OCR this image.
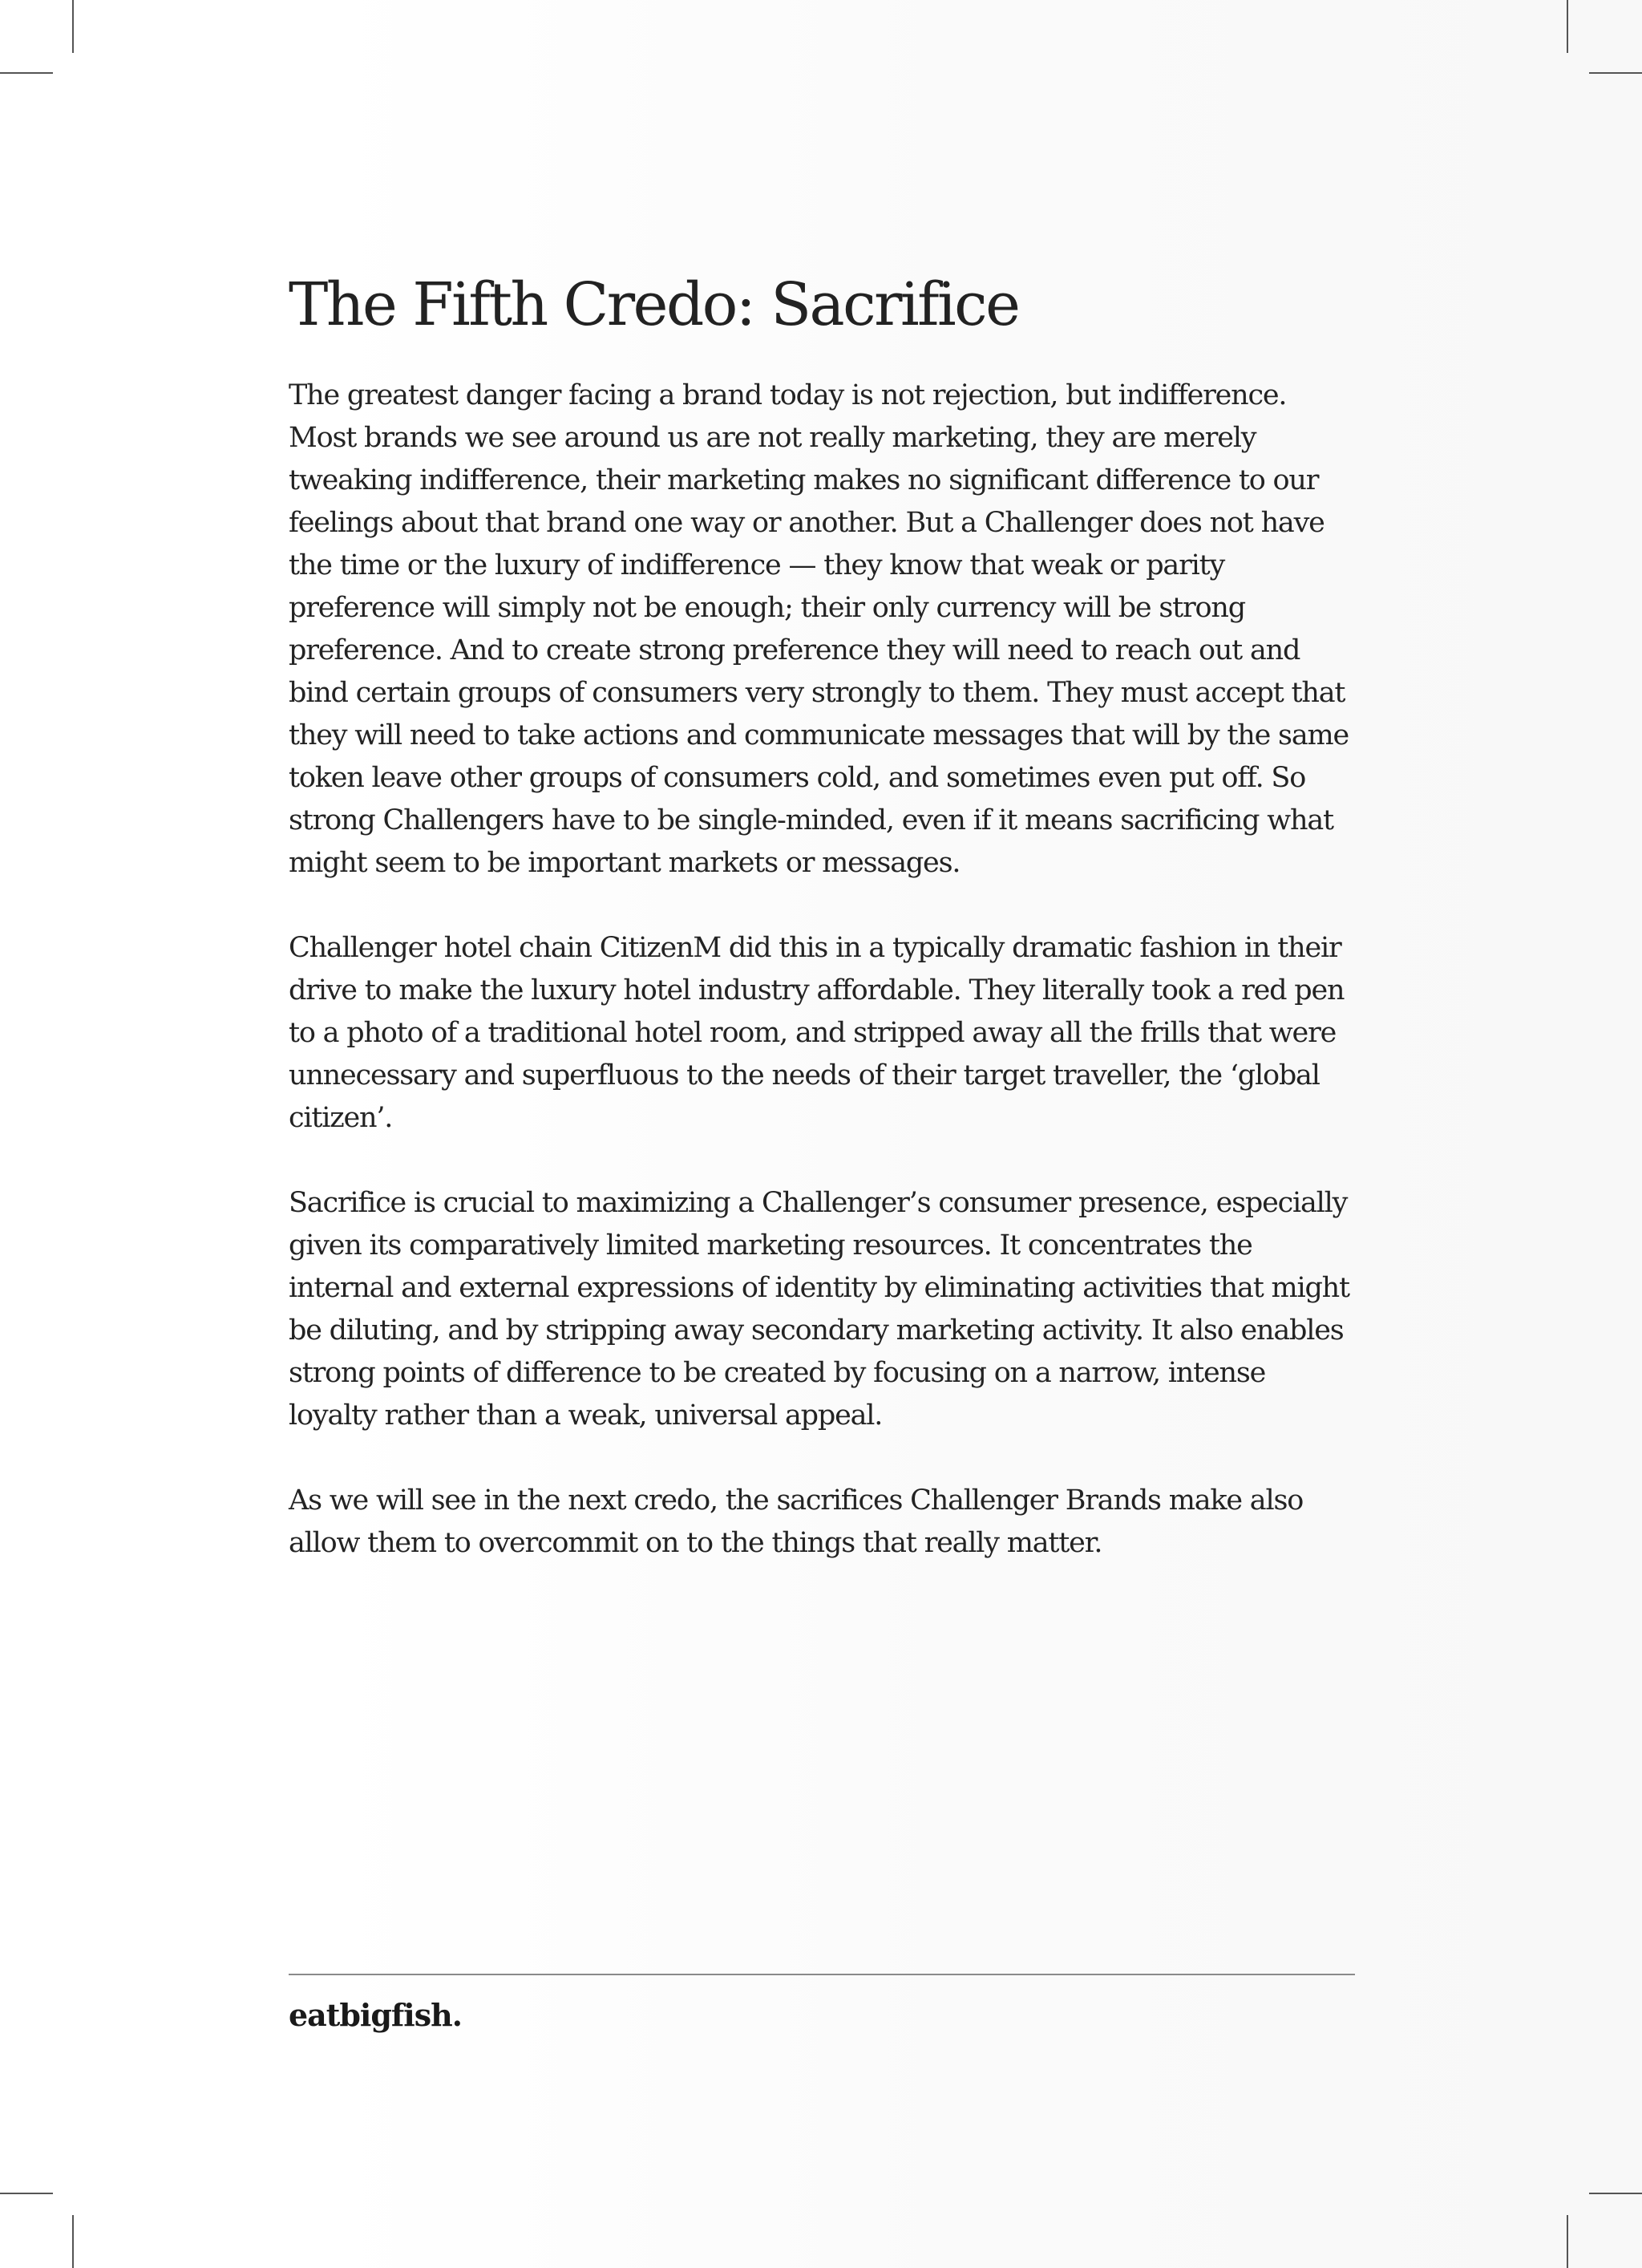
The Fifth Credo: Sacrifice

The greatest danger facing a brand today is not rejection, but indifference. Most brands we see around us are not really marketing, they are merely tweaking indifference, their marketing makes no significant difference to our feelings about that brand one way or another. But a Challenger does not have the time or the luxury of indifference — they know that weak or parity preference will simply not be enough; their only currency will be strong preference. And to create strong preference they will need to reach out and bind certain groups of consumers very strongly to them. They must accept that they will need to take actions and communicate messages that will by the same token leave other groups of consumers cold, and sometimes even put off. So strong Challengers have to be single-minded, even if it means sacrificing what might seem to be important markets or messages.

Challenger hotel chain CitizenM did this in a typically dramatic fashion in their drive to make the luxury hotel industry affordable. They literally took a red pen to a photo of a traditional hotel room, and stripped away all the frills that were unnecessary and superfluous to the needs of their target traveller, the ‘global citizen’.

Sacrifice is crucial to maximizing a Challenger’s consumer presence, especially given its comparatively limited marketing resources. It concentrates the internal and external expressions of identity by eliminating activities that might be diluting, and by stripping away secondary marketing activity. It also enables strong points of difference to be created by focusing on a narrow, intense loyalty rather than a weak, universal appeal.

As we will see in the next credo, the sacrifices Challenger Brands make also allow them to overcommit on to the things that really matter.

eatbigfish.
